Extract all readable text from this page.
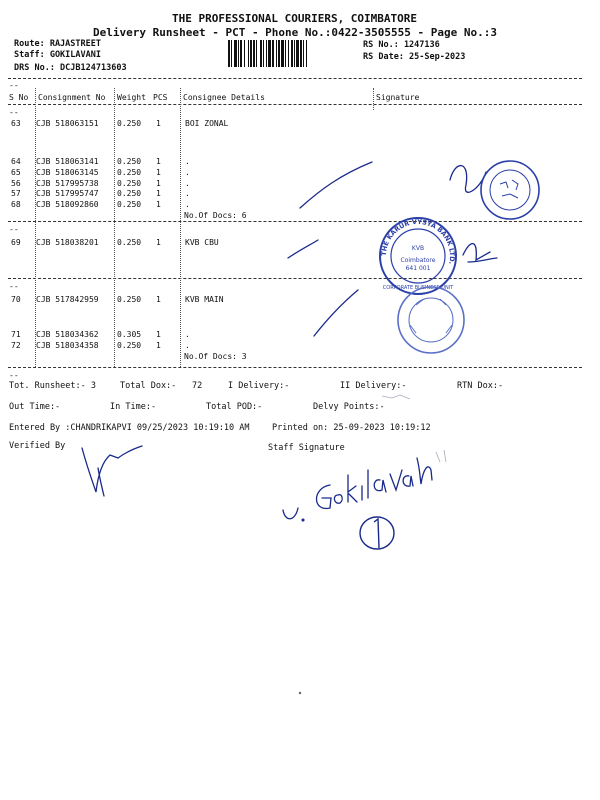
THE PROFESSIONAL COURIERS, COIMBATORE
Delivery Runsheet - PCT - Phone No.:0422-3505555 - Page No.:3
Route: RAJASTREET
Staff: GOKILAVANI
DRS No.: DCJB124713603
RS No.: 1247136
RS Date: 25-Sep-2023
--
--
--
--
--
S No Consignment No Weight PCS Consignee Details	Signature
63 CJB 518063151 0.250 1	BOI ZONAL
64 CJB 518063141 0.250 1	.
65 CJB 518063145 0.250 1	.
56 CJB 517995738 0.250 1	.
57 CJB 517995747 0.250 1	.
68 CJB 518092860 0.250 1	.
69 CJB 518038201 0.250 1	KVB CBU
70 CJB 517842959 0.250 1	KVB MAIN
71 CJB 518034362 0.305 1	.
72 CJB 518034358 0.250 1	.
No.Of Docs: 6
No.Of Docs: 3
Tot. Runsheet:- 3	Total Dox:- 72	I Delivery:-	II Delivery:-	RTN Dox:-
Out Time:-	In Time:-	Total POD:-	Delvy Points:-
Entered By :CHANDRIKAPVI 09/25/2023 10:19:10 AM	Printed on: 25-09-2023 10:19:12
Verified By	Staff Signature
THE KARUR VYSYA BANK LTD.
KVB
Coimbatore
641 001
CORPORATE BUSINESS UNIT
